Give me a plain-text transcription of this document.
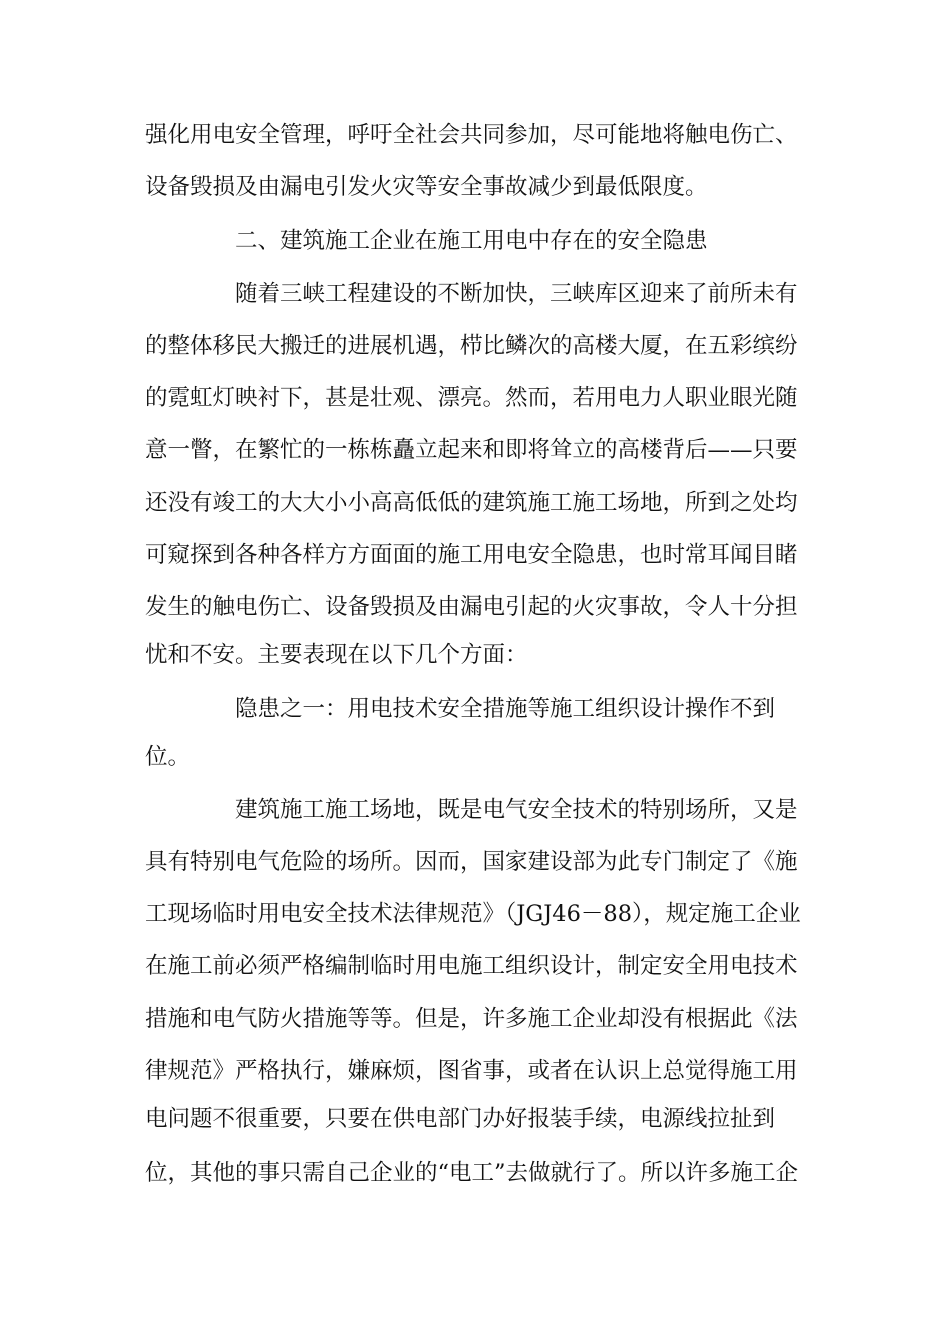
强化用电安全管理，呼吁全社会共同参加，尽可能地将触电伤亡、
设备毁损及由漏电引发火灾等安全事故减少到最低限度。
二、建筑施工企业在施工用电中存在的安全隐患
随着三峡工程建设的不断加快，三峡库区迎来了前所未有
的整体移民大搬迁的进展机遇，栉比鳞次的高楼大厦，在五彩缤纷
的霓虹灯映衬下，甚是壮观、漂亮。然而，若用电力人职业眼光随
意一瞥，在繁忙的一栋栋矗立起来和即将耸立的高楼背后——只要
还没有竣工的大大小小高高低低的建筑施工施工场地，所到之处均
可窥探到各种各样方方面面的施工用电安全隐患，也时常耳闻目睹
发生的触电伤亡、设备毁损及由漏电引起的火灾事故，令人十分担
忧和不安。主要表现在以下几个方面：
隐患之一：用电技术安全措施等施工组织设计操作不到
位。
建筑施工施工场地，既是电气安全技术的特别场所，又是
具有特别电气危险的场所。因而，国家建设部为此专门制定了《施
工现场临时用电安全技术法律规范》（JGJ46－88），规定施工企业
在施工前必须严格编制临时用电施工组织设计，制定安全用电技术
措施和电气防火措施等等。但是，许多施工企业却没有根据此《法
律规范》严格执行，嫌麻烦，图省事，或者在认识上总觉得施工用
电问题不很重要，只要在供电部门办好报装手续，电源线拉扯到
位，其他的事只需自己企业的“电工”去做就行了。所以许多施工企
